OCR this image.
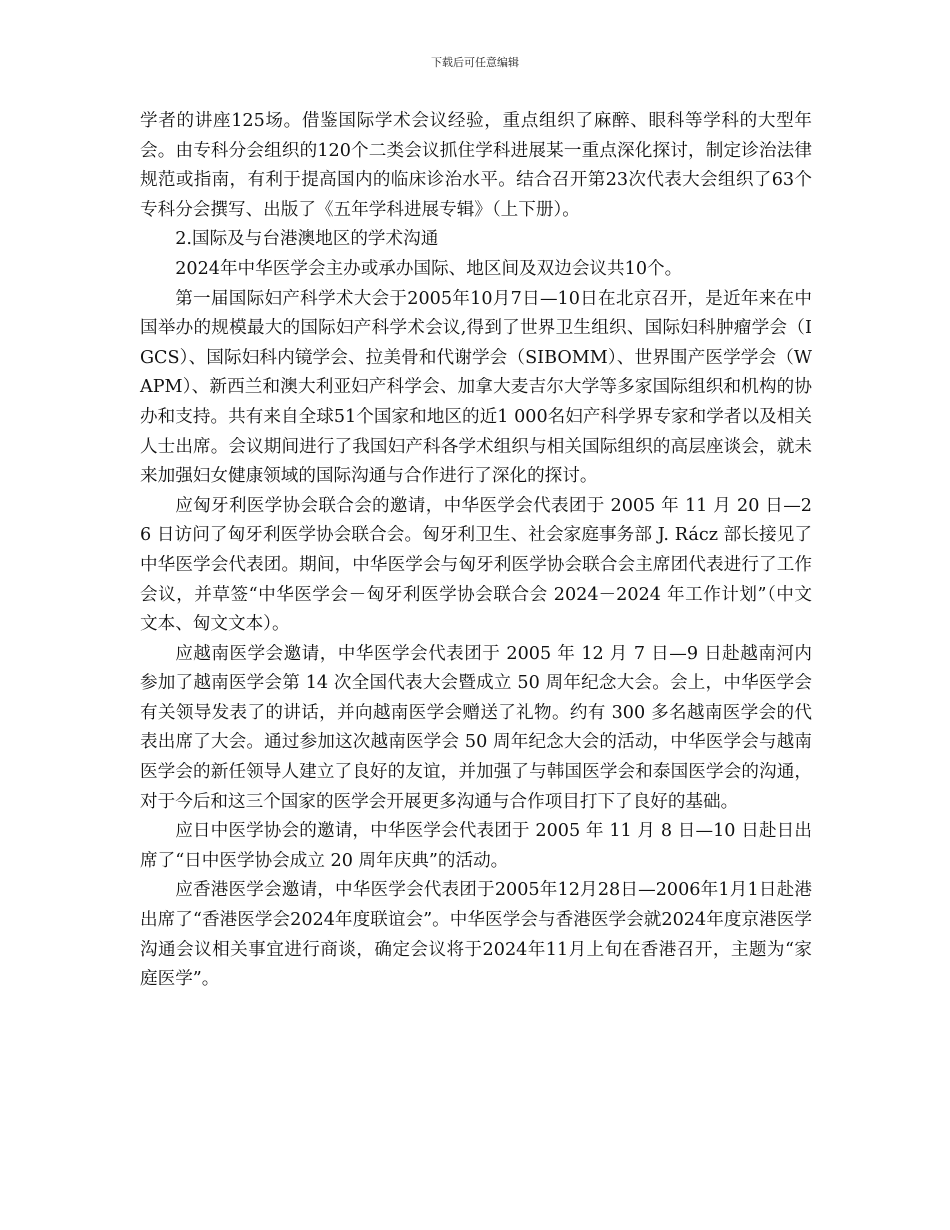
下载后可任意编辑

学者的讲座125场。借鉴国际学术会议经验，重点组织了麻醉、眼科等学科的大型年会。由专科分会组织的120个二类会议抓住学科进展某一重点深化探讨，制定诊治法律规范或指南，有利于提高国内的临床诊治水平。结合召开第23次代表大会组织了63个专科分会撰写、出版了《五年学科进展专辑》（上下册）。

2.国际及与台港澳地区的学术沟通

2024年中华医学会主办或承办国际、地区间及双边会议共10个。

第一届国际妇产科学术大会于2005年10月7日—10日在北京召开，是近年来在中国举办的规模最大的国际妇产科学术会议,得到了世界卫生组织、国际妇科肿瘤学会（IGCS）、国际妇科内镜学会、拉美骨和代谢学会（SIBOMM）、世界围产医学学会（WAPM）、新西兰和澳大利亚妇产科学会、加拿大麦吉尔大学等多家国际组织和机构的协办和支持。共有来自全球51个国家和地区的近1 000名妇产科学界专家和学者以及相关人士出席。会议期间进行了我国妇产科各学术组织与相关国际组织的高层座谈会，就未来加强妇女健康领域的国际沟通与合作进行了深化的探讨。

应匈牙利医学协会联合会的邀请，中华医学会代表团于 2005 年 11 月 20 日—26 日访问了匈牙利医学协会联合会。匈牙利卫生、社会家庭事务部 J. Rácz 部长接见了中华医学会代表团。期间，中华医学会与匈牙利医学协会联合会主席团代表进行了工作会议，并草签“中华医学会－匈牙利医学协会联合会 2024－2024 年工作计划”（中文文本、匈文文本）。

应越南医学会邀请，中华医学会代表团于 2005 年 12 月 7 日—9 日赴越南河内参加了越南医学会第 14 次全国代表大会暨成立 50 周年纪念大会。会上，中华医学会有关领导发表了的讲话，并向越南医学会赠送了礼物。约有 300 多名越南医学会的代表出席了大会。通过参加这次越南医学会 50 周年纪念大会的活动，中华医学会与越南医学会的新任领导人建立了良好的友谊，并加强了与韩国医学会和泰国医学会的沟通，对于今后和这三个国家的医学会开展更多沟通与合作项目打下了良好的基础。

应日中医学协会的邀请，中华医学会代表团于 2005 年 11 月 8 日—10 日赴日出席了“日中医学协会成立 20 周年庆典”的活动。

应香港医学会邀请，中华医学会代表团于2005年12月28日—2006年1月1日赴港出席了“香港医学会2024年度联谊会”。中华医学会与香港医学会就2024年度京港医学沟通会议相关事宜进行商谈，确定会议将于2024年11月上旬在香港召开，主题为“家庭医学”。
